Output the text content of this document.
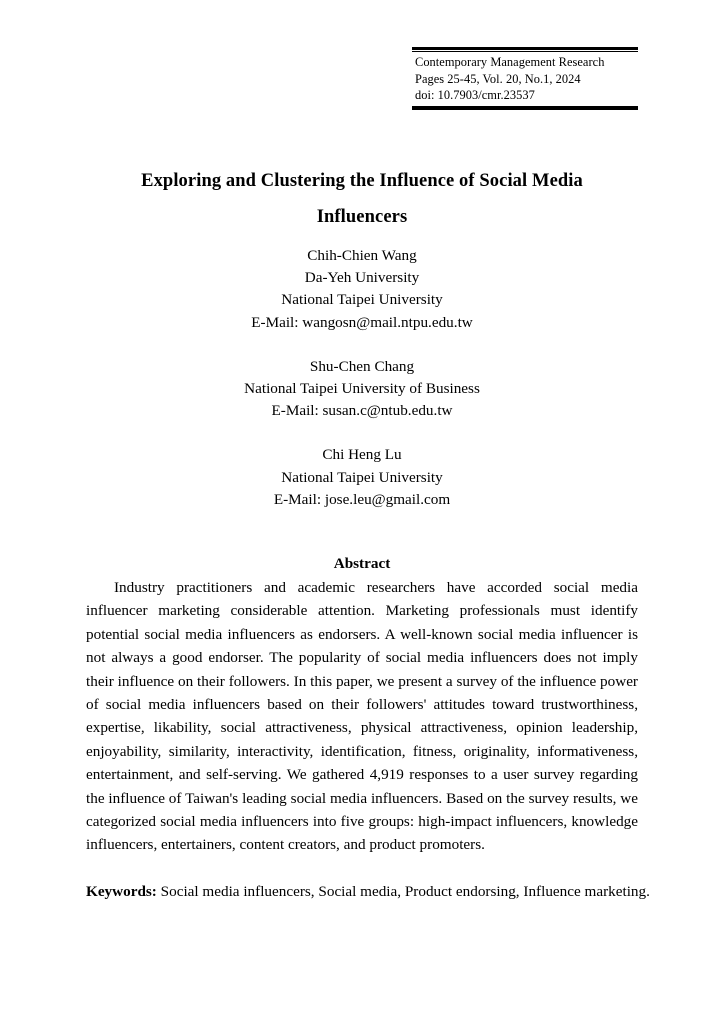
Contemporary Management Research
Pages 25-45, Vol. 20, No.1, 2024
doi: 10.7903/cmr.23537
Exploring and Clustering the Influence of Social Media
Influencers
Chih-Chien Wang
Da-Yeh University
National Taipei University
E-Mail: wangosn@mail.ntpu.edu.tw
Shu-Chen Chang
National Taipei University of Business
E-Mail: susan.c@ntub.edu.tw
Chi Heng Lu
National Taipei University
E-Mail: jose.leu@gmail.com
Abstract
Industry practitioners and academic researchers have accorded social media influencer marketing considerable attention. Marketing professionals must identify potential social media influencers as endorsers. A well-known social media influencer is not always a good endorser. The popularity of social media influencers does not imply their influence on their followers. In this paper, we present a survey of the influence power of social media influencers based on their followers' attitudes toward trustworthiness, expertise, likability, social attractiveness, physical attractiveness, opinion leadership, enjoyability, similarity, interactivity, identification, fitness, originality, informativeness, entertainment, and self-serving. We gathered 4,919 responses to a user survey regarding the influence of Taiwan's leading social media influencers. Based on the survey results, we categorized social media influencers into five groups: high-impact influencers, knowledge influencers, entertainers, content creators, and product promoters.
Keywords: Social media influencers, Social media, Product endorsing, Influence marketing.
